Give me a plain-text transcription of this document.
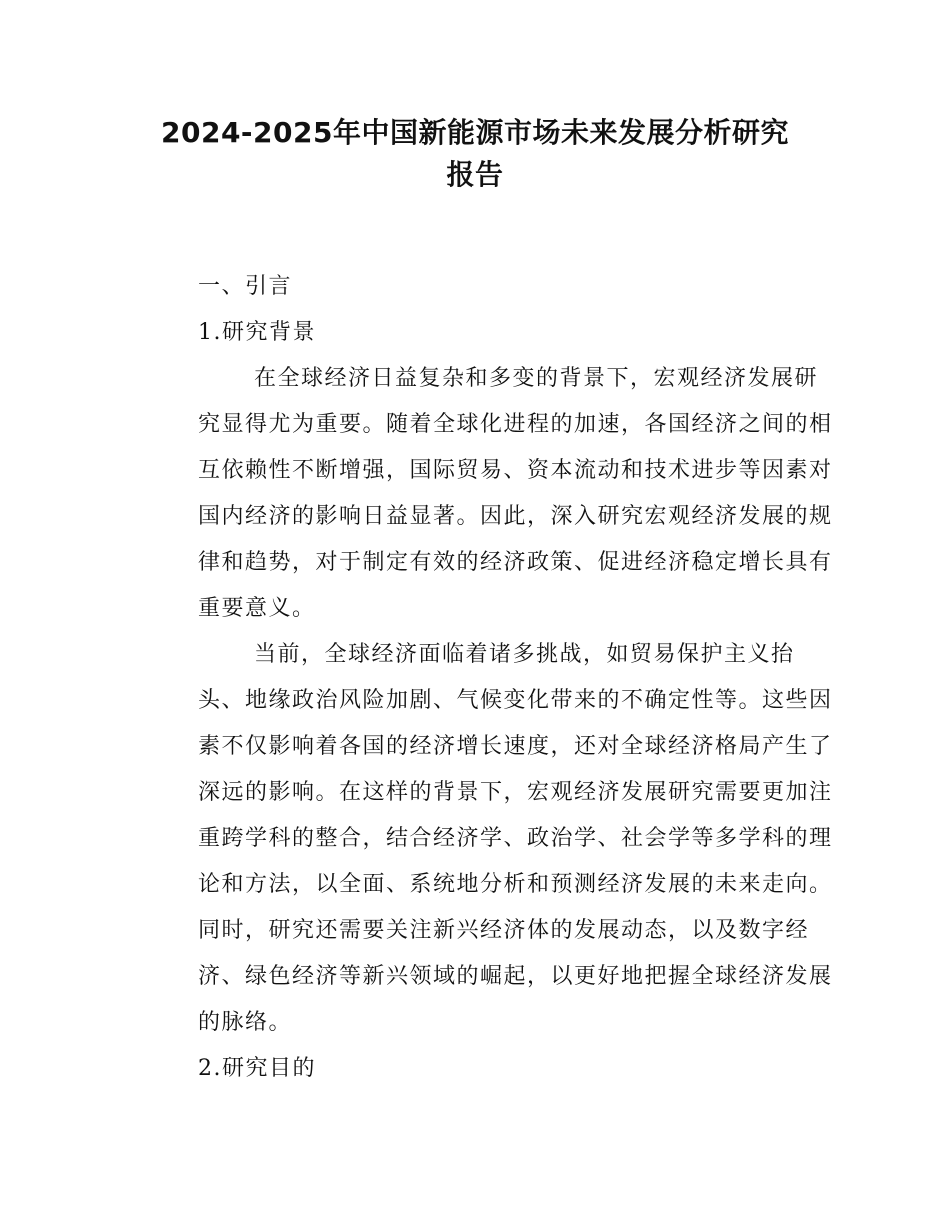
2024-2025年中国新能源市场未来发展分析研究
报告

一、引言

1.研究背景

在全球经济日益复杂和多变的背景下，宏观经济发展研
究显得尤为重要。随着全球化进程的加速，各国经济之间的相
互依赖性不断增强，国际贸易、资本流动和技术进步等因素对
国内经济的影响日益显著。因此，深入研究宏观经济发展的规
律和趋势，对于制定有效的经济政策、促进经济稳定增长具有
重要意义。
当前，全球经济面临着诸多挑战，如贸易保护主义抬
头、地缘政治风险加剧、气候变化带来的不确定性等。这些因
素不仅影响着各国的经济增长速度，还对全球经济格局产生了
深远的影响。在这样的背景下，宏观经济发展研究需要更加注
重跨学科的整合，结合经济学、政治学、社会学等多学科的理
论和方法，以全面、系统地分析和预测经济发展的未来走向。
同时，研究还需要关注新兴经济体的发展动态，以及数字经
济、绿色经济等新兴领域的崛起，以更好地把握全球经济发展
的脉络。

2.研究目的
